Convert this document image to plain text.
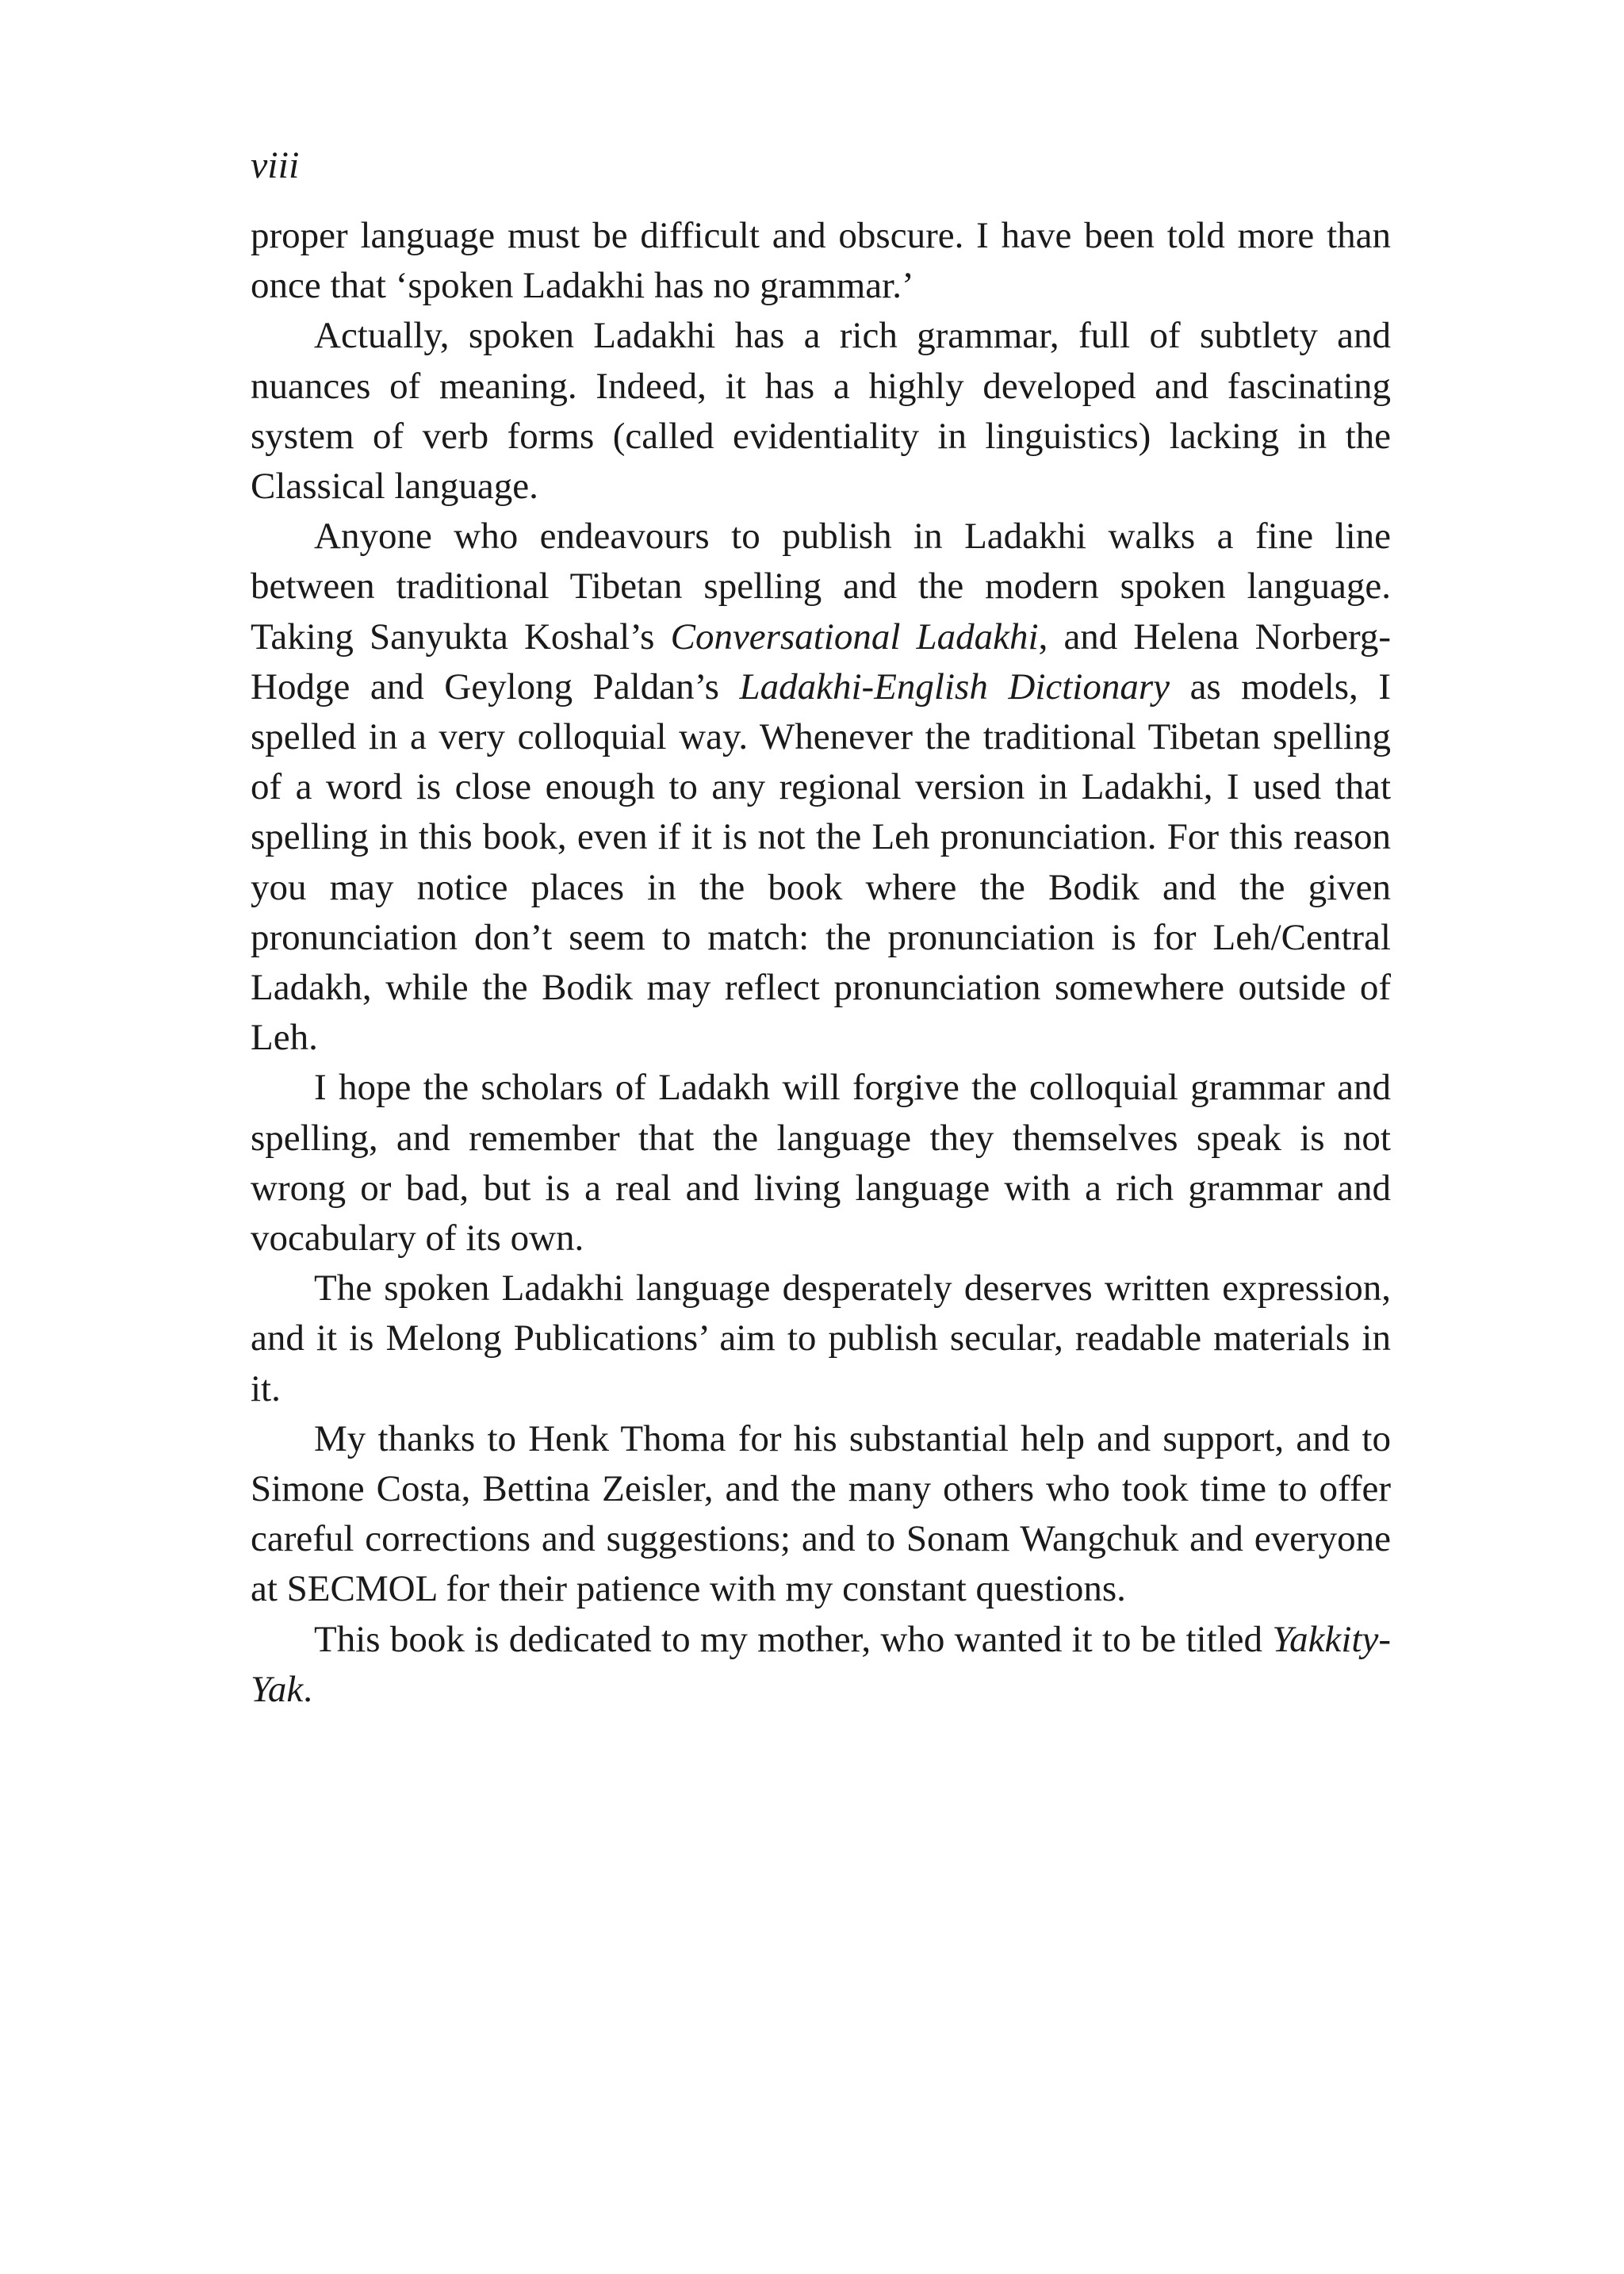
viii

proper language must be difficult and obscure. I have been told more than once that ‘spoken Ladakhi has no grammar.’

Actually, spoken Ladakhi has a rich grammar, full of subtlety and nuances of meaning. Indeed, it has a highly developed and fascinating system of verb forms (called evidentiality in linguistics) lacking in the Classical language.

Anyone who endeavours to publish in Ladakhi walks a fine line between traditional Tibetan spelling and the modern spoken language. Taking Sanyukta Koshal’s Conversational Ladakhi, and Helena Norberg-Hodge and Geylong Paldan’s Ladakhi-English Dictionary as models, I spelled in a very colloquial way. Whenever the traditional Tibetan spelling of a word is close enough to any regional version in Ladakhi, I used that spelling in this book, even if it is not the Leh pronunciation. For this reason you may notice places in the book where the Bodik and the given pronunciation don’t seem to match: the pronunciation is for Leh/Central Ladakh, while the Bodik may reflect pronunciation somewhere outside of Leh.

I hope the scholars of Ladakh will forgive the colloquial grammar and spelling, and remember that the language they themselves speak is not wrong or bad, but is a real and living language with a rich grammar and vocabulary of its own.

The spoken Ladakhi language desperately deserves written expression, and it is Melong Publications’ aim to publish secular, readable materials in it.

My thanks to Henk Thoma for his substantial help and support, and to Simone Costa, Bettina Zeisler, and the many others who took time to offer careful corrections and suggestions; and to Sonam Wangchuk and everyone at SECMOL for their patience with my constant questions.

This book is dedicated to my mother, who wanted it to be titled Yakkity-Yak.
